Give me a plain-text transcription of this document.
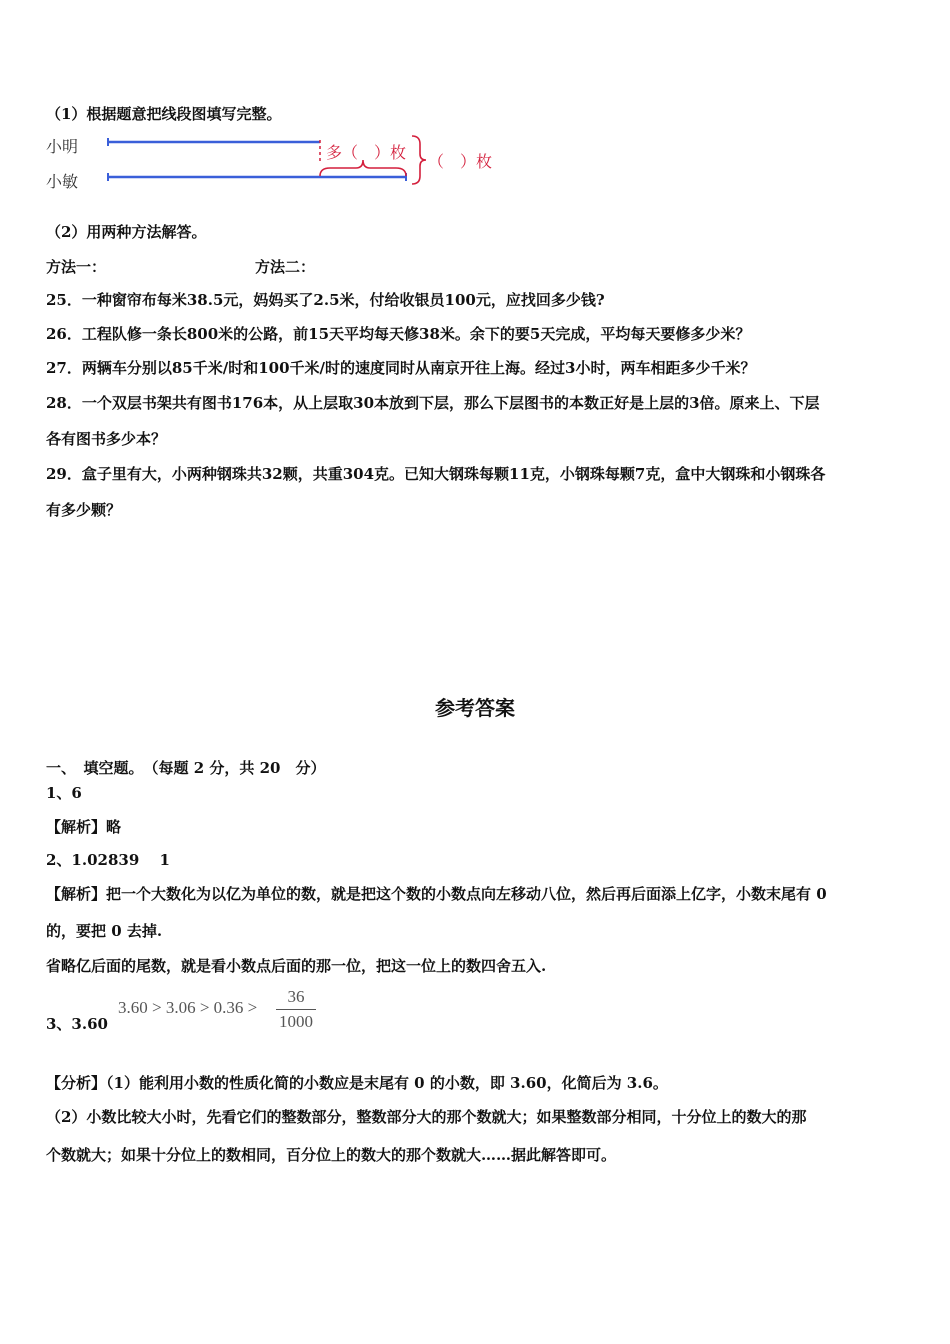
（1）根据题意把线段图填写完整。
小明
小敏
多（　）枚 （　）枚
（2）用两种方法解答。
方法一：	方法二：
25．一种窗帘布每米38.5元，妈妈买了2.5米，付给收银员100元，应找回多少钱?
26．工程队修一条长800米的公路，前15天平均每天修38米。余下的要5天完成，平均每天要修多少米？
27．两辆车分别以85千米/时和100千米/时的速度同时从南京开往上海。经过3小时，两车相距多少千米？
28．一个双层书架共有图书176本，从上层取30本放到下层，那么下层图书的本数正好是上层的3倍。原来上、下层
各有图书多少本？
29．盒子里有大，小两种钢珠共32颗，共重304克。已知大钢珠每颗11克，小钢珠每颗7克，盒中大钢珠和小钢珠各
有多少颗？
参考答案
一、　填空题。　（每题 2 分，共 20　分）
1、6
【解析】略
2、1.02839　 1
【解析】把一个大数化为以亿为单位的数，就是把这个数的小数点向左移动八位，然后再后面添上亿字，小数末尾有 0
的，要把 0 去掉.
省略亿后面的尾数，就是看小数点后面的那一位，把这一位上的数四舍五入.
3、3.60
3.60 > 3.06 > 0.36 >
36
1000
【分析】（1）能利用小数的性质化简的小数应是末尾有 0 的小数，即 3.60，化简后为 3.6。
（2）小数比较大小时，先看它们的整数部分，整数部分大的那个数就大；如果整数部分相同，十分位上的数大的那
个数就大；如果十分位上的数相同，百分位上的数大的那个数就大……据此解答即可。
